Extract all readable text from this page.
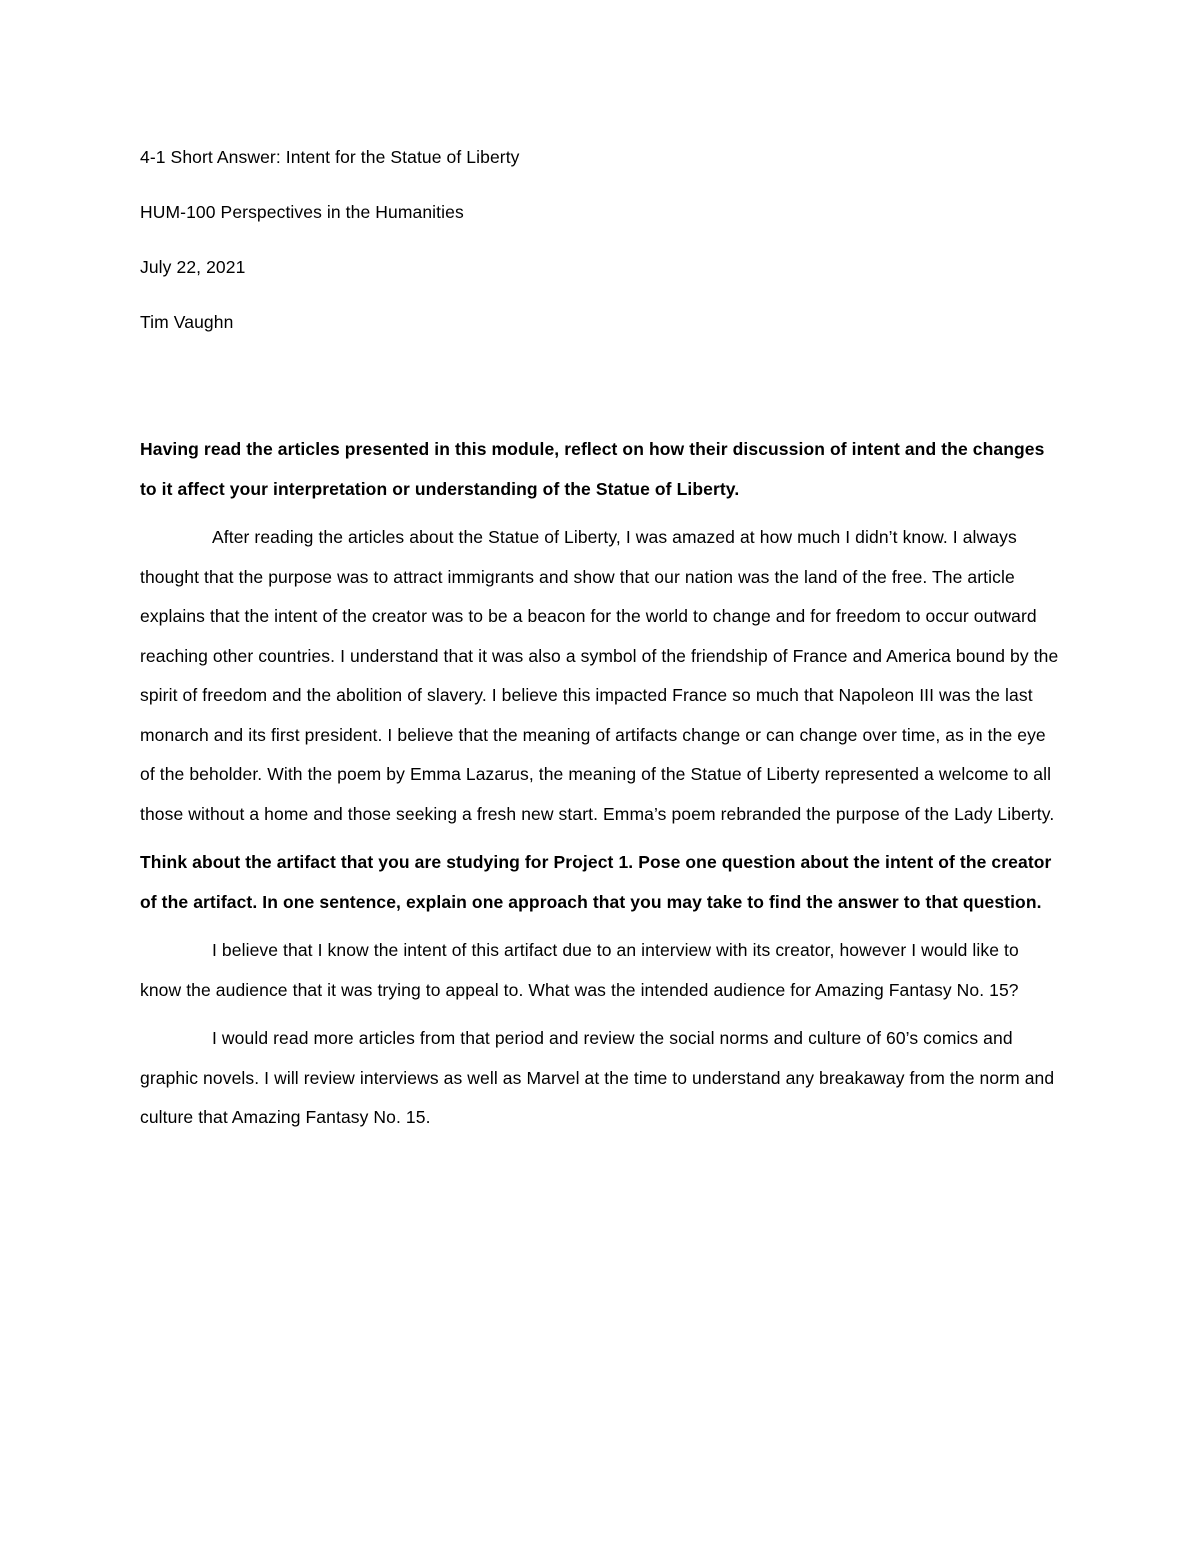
4-1 Short Answer: Intent for the Statue of Liberty

HUM-100 Perspectives in the Humanities

July 22, 2021

Tim Vaughn

Having read the articles presented in this module, reflect on how their discussion of intent and the changes to it affect your interpretation or understanding of the Statue of Liberty.

After reading the articles about the Statue of Liberty, I was amazed at how much I didn’t know. I always thought that the purpose was to attract immigrants and show that our nation was the land of the free. The article explains that the intent of the creator was to be a beacon for the world to change and for freedom to occur outward reaching other countries. I understand that it was also a symbol of the friendship of France and America bound by the spirit of freedom and the abolition of slavery. I believe this impacted France so much that Napoleon III was the last monarch and its first president. I believe that the meaning of artifacts change or can change over time, as in the eye of the beholder. With the poem by Emma Lazarus, the meaning of the Statue of Liberty represented a welcome to all those without a home and those seeking a fresh new start. Emma’s poem rebranded the purpose of the Lady Liberty.

Think about the artifact that you are studying for Project 1. Pose one question about the intent of the creator of the artifact. In one sentence, explain one approach that you may take to find the answer to that question.

I believe that I know the intent of this artifact due to an interview with its creator, however I would like to know the audience that it was trying to appeal to. What was the intended audience for Amazing Fantasy No. 15?

I would read more articles from that period and review the social norms and culture of 60’s comics and graphic novels. I will review interviews as well as Marvel at the time to understand any breakaway from the norm and culture that Amazing Fantasy No. 15.
